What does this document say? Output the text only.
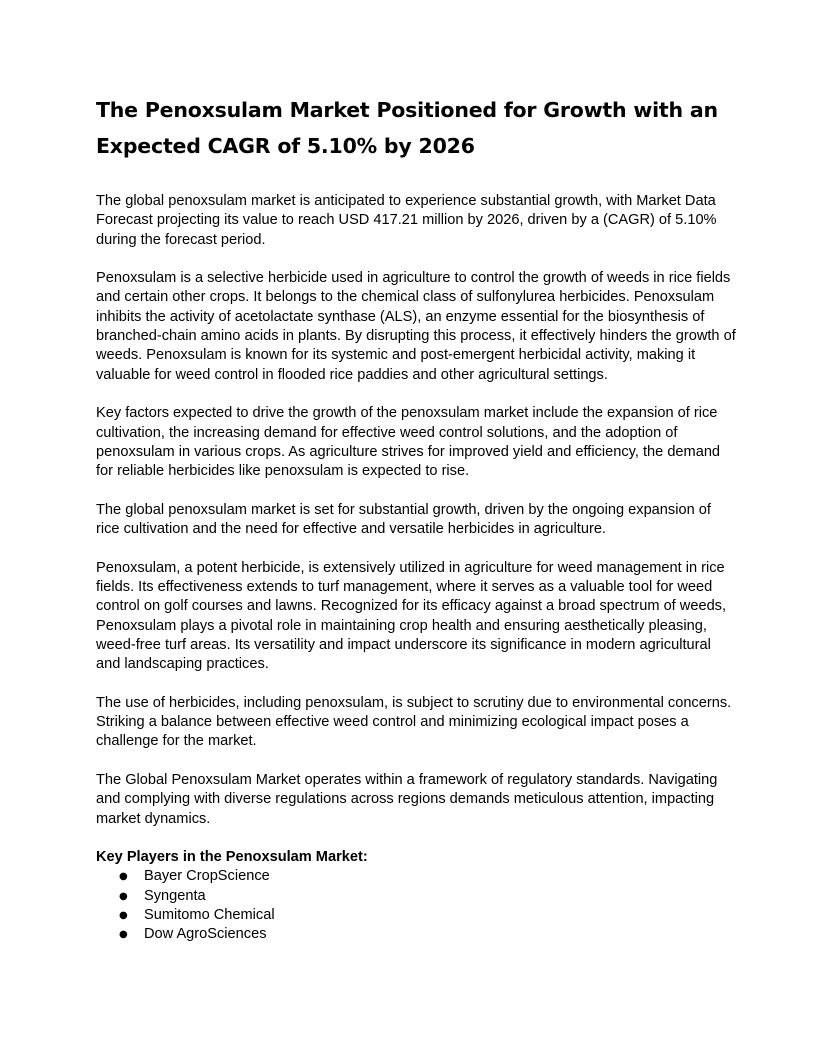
The Penoxsulam Market Positioned for Growth with an Expected CAGR of 5.10% by 2026

The global penoxsulam market is anticipated to experience substantial growth, with Market Data Forecast projecting its value to reach USD 417.21 million by 2026, driven by a (CAGR) of 5.10% during the forecast period.

Penoxsulam is a selective herbicide used in agriculture to control the growth of weeds in rice fields and certain other crops. It belongs to the chemical class of sulfonylurea herbicides. Penoxsulam inhibits the activity of acetolactate synthase (ALS), an enzyme essential for the biosynthesis of branched-chain amino acids in plants. By disrupting this process, it effectively hinders the growth of weeds. Penoxsulam is known for its systemic and post-emergent herbicidal activity, making it valuable for weed control in flooded rice paddies and other agricultural settings.

Key factors expected to drive the growth of the penoxsulam market include the expansion of rice cultivation, the increasing demand for effective weed control solutions, and the adoption of penoxsulam in various crops. As agriculture strives for improved yield and efficiency, the demand for reliable herbicides like penoxsulam is expected to rise.

The global penoxsulam market is set for substantial growth, driven by the ongoing expansion of rice cultivation and the need for effective and versatile herbicides in agriculture.

Penoxsulam, a potent herbicide, is extensively utilized in agriculture for weed management in rice fields. Its effectiveness extends to turf management, where it serves as a valuable tool for weed control on golf courses and lawns. Recognized for its efficacy against a broad spectrum of weeds, Penoxsulam plays a pivotal role in maintaining crop health and ensuring aesthetically pleasing, weed-free turf areas. Its versatility and impact underscore its significance in modern agricultural and landscaping practices.

The use of herbicides, including penoxsulam, is subject to scrutiny due to environmental concerns. Striking a balance between effective weed control and minimizing ecological impact poses a challenge for the market.

The Global Penoxsulam Market operates within a framework of regulatory standards. Navigating and complying with diverse regulations across regions demands meticulous attention, impacting market dynamics.

Key Players in the Penoxsulam Market:

● Bayer CropScience
● Syngenta
● Sumitomo Chemical
● Dow AgroSciences
